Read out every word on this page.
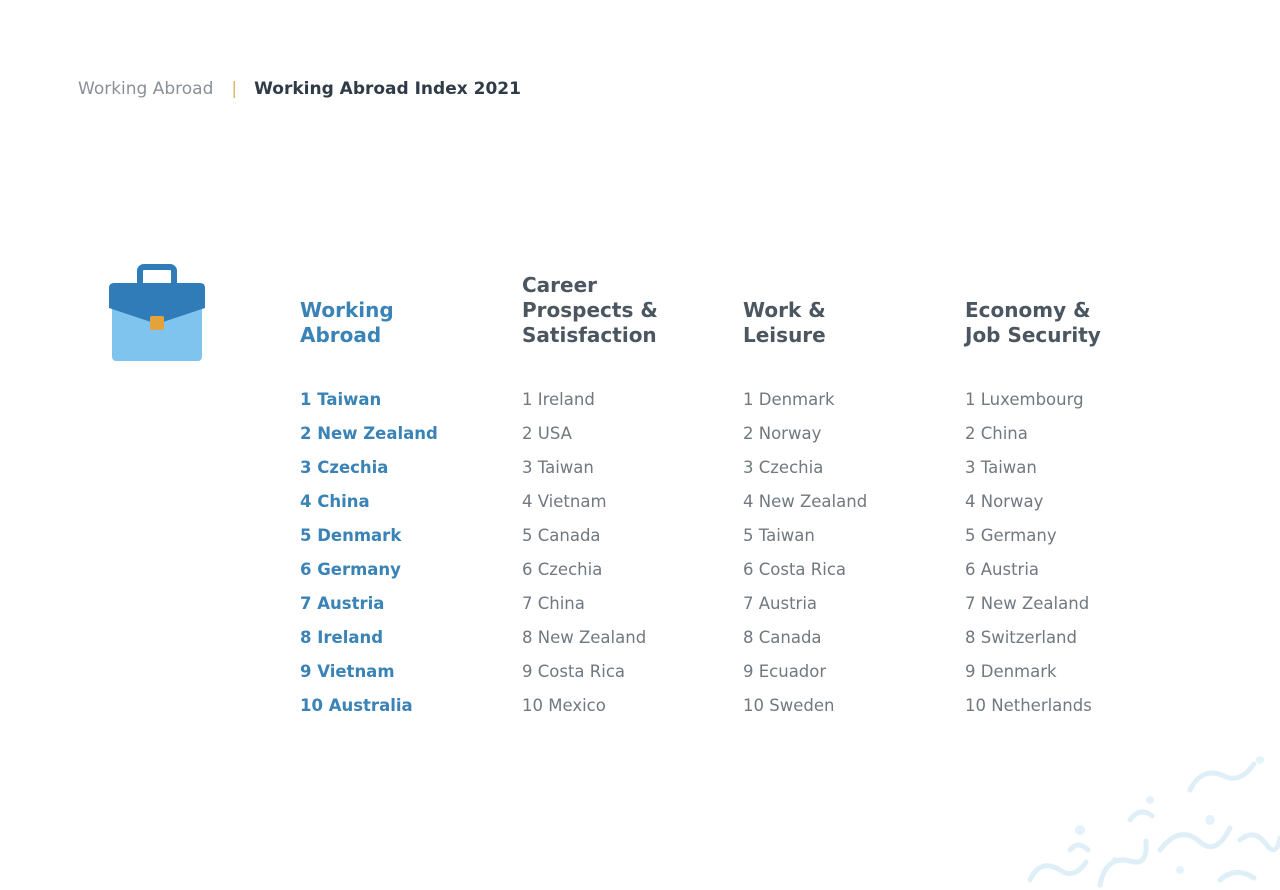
Working Abroad | Working Abroad Index 2021
Working
Abroad
Career
Prospects &
Satisfaction
Work &
Leisure
Economy &
Job Security
1 Taiwan
2 New Zealand
3 Czechia
4 China
5 Denmark
6 Germany
7 Austria
8 Ireland
9 Vietnam
10 Australia
1 Ireland
2 USA
3 Taiwan
4 Vietnam
5 Canada
6 Czechia
7 China
8 New Zealand
9 Costa Rica
10 Mexico
1 Denmark
2 Norway
3 Czechia
4 New Zealand
5 Taiwan
6 Costa Rica
7 Austria
8 Canada
9 Ecuador
10 Sweden
1 Luxembourg
2 China
3 Taiwan
4 Norway
5 Germany
6 Austria
7 New Zealand
8 Switzerland
9 Denmark
10 Netherlands
